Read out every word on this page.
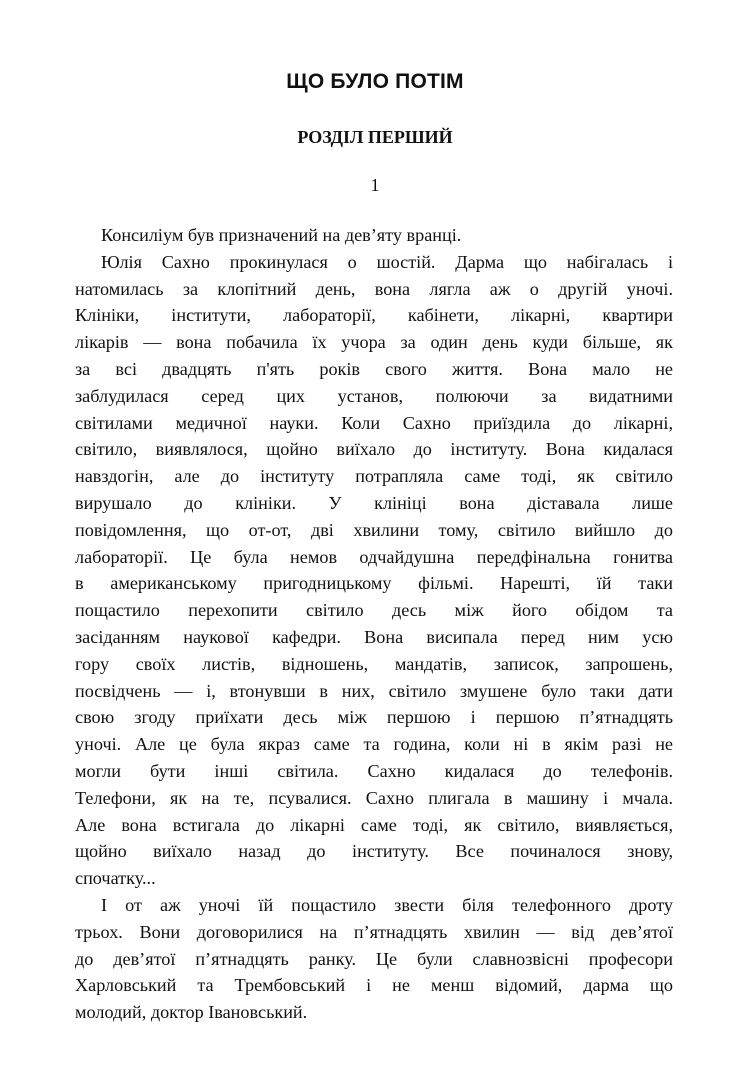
ЩО БУЛО ПОТІМ
РОЗДІЛ ПЕРШИЙ
1
Консиліум був призначений на дев’яту вранці.
Юлія Сахно прокинулася о шостій. Дарма що набігалась і
натомилась за клопітний день, вона лягла аж о другій уночі.
Клініки, інститути, лабораторії, кабінети, лікарні, квартири
лікарів — вона побачила їх учора за один день куди більше, як
за всі двадцять п'ять років свого життя. Вона мало не
заблудилася серед цих установ, полюючи за видатними
світилами медичної науки. Коли Сахно приїздила до лікарні,
світило, виявлялося, щойно виїхало до інституту. Вона кидалася
навздогін, але до інституту потрапляла саме тоді, як світило
вирушало до клініки. У клініці вона діставала лише
повідомлення, що от-от, дві хвилини тому, світило вийшло до
лабораторії. Це була немов одчайдушна передфінальна гонитва
в американському пригодницькому фільмі. Нарешті, їй таки
пощастило перехопити світило десь між його обідом та
засіданням наукової кафедри. Вона висипала перед ним усю
гору своїх листів, відношень, мандатів, записок, запрошень,
посвідчень — і, втонувши в них, світило змушене було таки дати
свою згоду приїхати десь між першою і першою п’ятнадцять
уночі. Але це була якраз саме та година, коли ні в якім разі не
могли бути інші світила. Сахно кидалася до телефонів.
Телефони, як на те, псувалися. Сахно плигала в машину і мчала.
Але вона встигала до лікарні саме тоді, як світило, виявляється,
щойно виїхало назад до інституту. Все починалося знову,
спочатку...
І от аж уночі їй пощастило звести біля телефонного дроту
трьох. Вони договорилися на п’ятнадцять хвилин — від дев’ятої
до дев’ятої п’ятнадцять ранку. Це були славнозвісні професори
Харловський та Трембовський і не менш відомий, дарма що
молодий, доктор Івановський.
